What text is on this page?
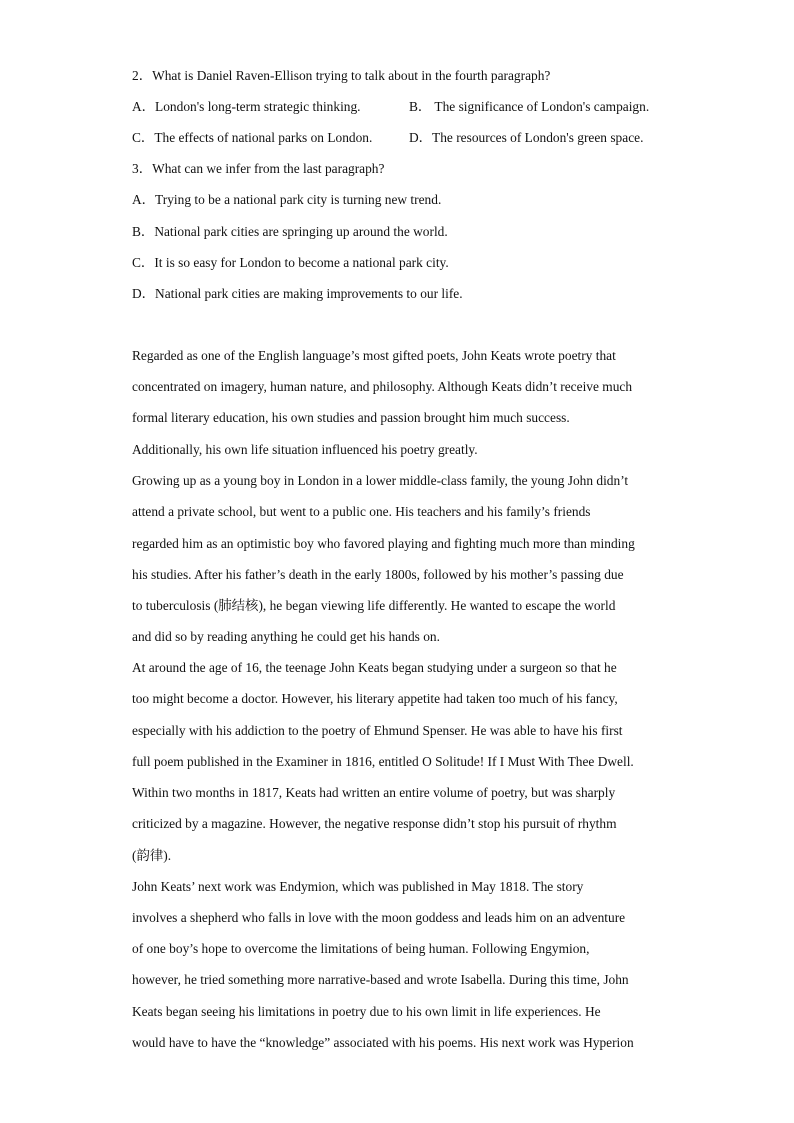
2．What is Daniel Raven-Ellison trying to talk about in the fourth paragraph?
A．London's long-term strategic thinking.	B． The significance of London's campaign.
C．The effects of national parks on London.	D．The resources of London's green space.
3．What can we infer from the last paragraph?
A．Trying to be a national park city is turning new trend.
B．National park cities are springing up around the world.
C．It is so easy for London to become a national park city.
D．National park cities are making improvements to our life.
Regarded as one of the English language’s most gifted poets, John Keats wrote poetry that
concentrated on imagery, human nature, and philosophy. Although Keats didn’t receive much
formal literary education, his own studies and passion brought him much success.
Additionally, his own life situation influenced his poetry greatly.
Growing up as a young boy in London in a lower middle-class family, the young John didn’t
attend a private school, but went to a public one. His teachers and his family’s friends
regarded him as an optimistic boy who favored playing and fighting much more than minding
his studies. After his father’s death in the early 1800s, followed by his mother’s passing due
to tuberculosis (肺结核), he began viewing life differently. He wanted to escape the world
and did so by reading anything he could get his hands on.
At around the age of 16, the teenage John Keats began studying under a surgeon so that he
too might become a doctor. However, his literary appetite had taken too much of his fancy,
especially with his addiction to the poetry of Ehmund Spenser. He was able to have his first
full poem published in the Examiner in 1816, entitled O Solitude! If I Must With Thee Dwell.
Within two months in 1817, Keats had written an entire volume of poetry, but was sharply
criticized by a magazine. However, the negative response didn’t stop his pursuit of rhythm
(韵律).
John Keats’ next work was Endymion, which was published in May 1818. The story
involves a shepherd who falls in love with the moon goddess and leads him on an adventure
of one boy’s hope to overcome the limitations of being human. Following Engymion,
however, he tried something more narrative-based and wrote Isabella. During this time, John
Keats began seeing his limitations in poetry due to his own limit in life experiences. He
would have to have the “knowledge” associated with his poems. His next work was Hyperion
